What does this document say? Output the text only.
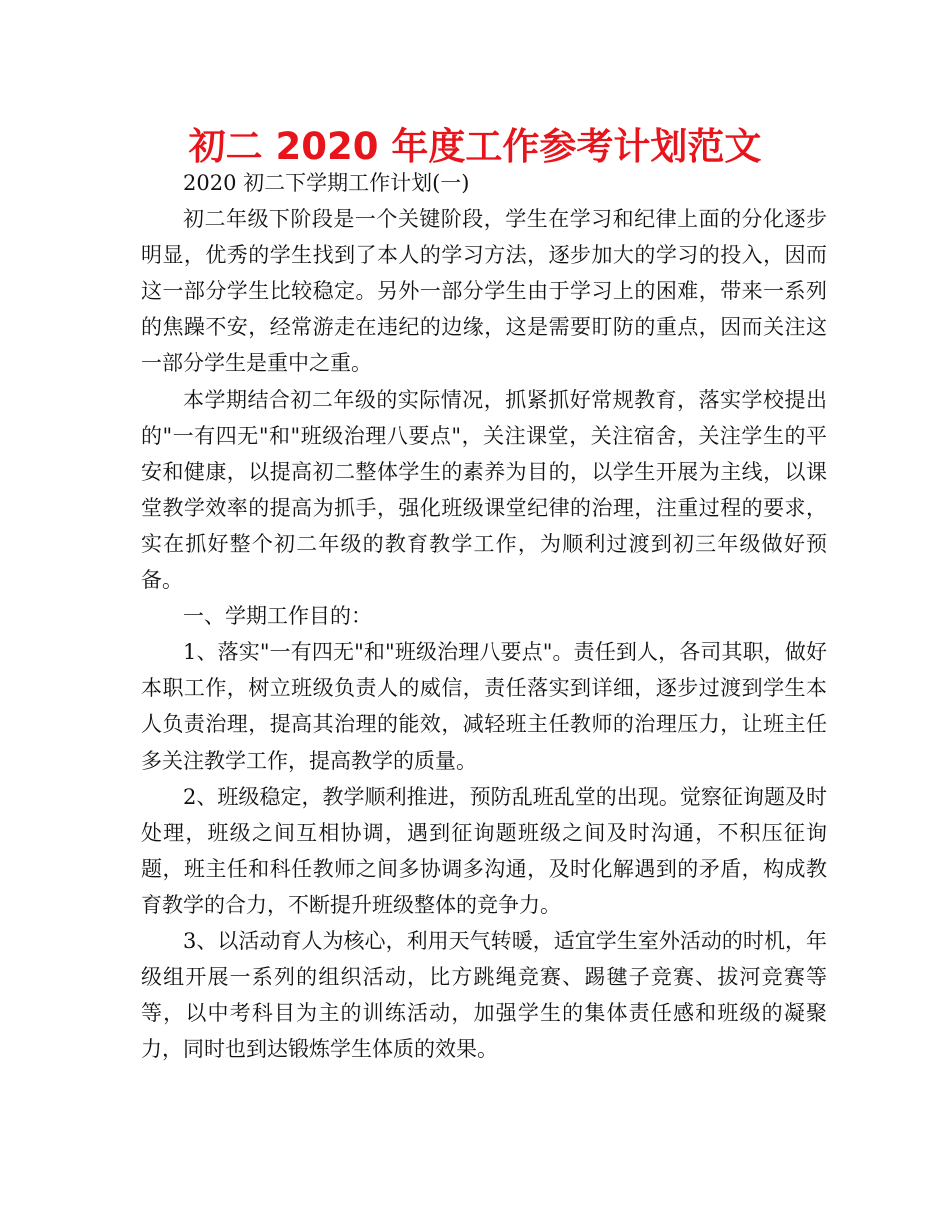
初二 2020 年度工作参考计划范文

2020 初二下学期工作计划(一)

初二年级下阶段是一个关键阶段，学生在学习和纪律上面的分化逐步明显，优秀的学生找到了本人的学习方法，逐步加大的学习的投入，因而这一部分学生比较稳定。另外一部分学生由于学习上的困难，带来一系列的焦躁不安，经常游走在违纪的边缘，这是需要盯防的重点，因而关注这一部分学生是重中之重。

本学期结合初二年级的实际情况，抓紧抓好常规教育，落实学校提出的"一有四无"和"班级治理八要点"，关注课堂，关注宿舍，关注学生的平安和健康，以提高初二整体学生的素养为目的，以学生开展为主线，以课堂教学效率的提高为抓手，强化班级课堂纪律的治理，注重过程的要求，实在抓好整个初二年级的教育教学工作，为顺利过渡到初三年级做好预备。

一、学期工作目的：

1、落实"一有四无"和"班级治理八要点"。责任到人，各司其职，做好本职工作，树立班级负责人的威信，责任落实到详细，逐步过渡到学生本人负责治理，提高其治理的能效，减轻班主任教师的治理压力，让班主任多关注教学工作，提高教学的质量。

2、班级稳定，教学顺利推进，预防乱班乱堂的出现。觉察征询题及时处理，班级之间互相协调，遇到征询题班级之间及时沟通，不积压征询题，班主任和科任教师之间多协调多沟通，及时化解遇到的矛盾，构成教育教学的合力，不断提升班级整体的竞争力。

3、以活动育人为核心，利用天气转暖，适宜学生室外活动的时机，年级组开展一系列的组织活动，比方跳绳竞赛、踢毽子竞赛、拔河竞赛等等，以中考科目为主的训练活动，加强学生的集体责任感和班级的凝聚力，同时也到达锻炼学生体质的效果。
